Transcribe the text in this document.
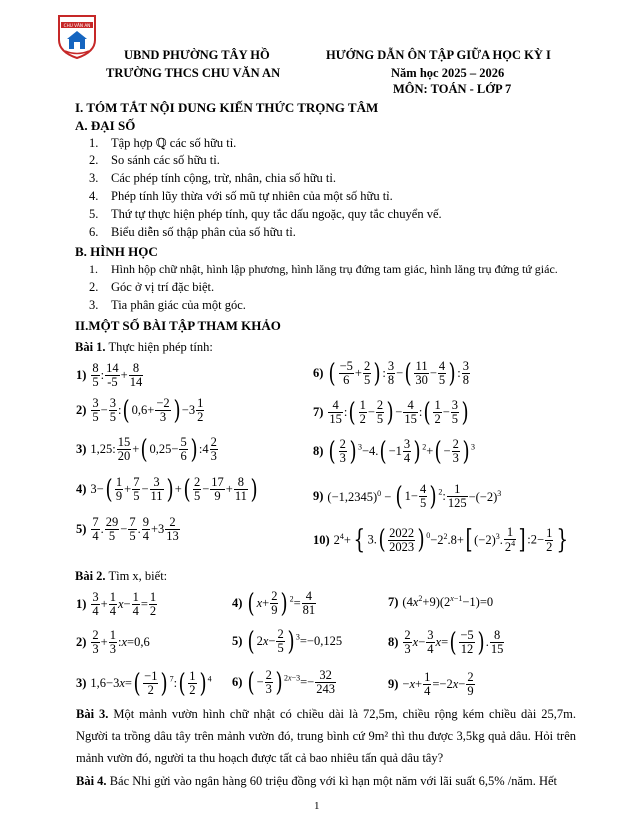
CHU VĂN AN
UBND PHƯỜNG TÂY HỒ
TRƯỜNG THCS CHU VĂN AN
HƯỚNG DẪN ÔN TẬP GIỮA HỌC KỲ I
Năm học 2025 – 2026
MÔN: TOÁN - LỚP 7
I. TÓM TẮT NỘI DUNG KIẾN THỨC TRỌNG TÂM
A. ĐẠI SỐ
1. Tập hợp ℚ các số hữu tỉ.
2. So sánh các số hữu tỉ.
3. Các phép tính cộng, trừ, nhân, chia số hữu tỉ.
4. Phép tính lũy thừa với số mũ tự nhiên của một số hữu tỉ.
5. Thứ tự thực hiện phép tính, quy tắc dấu ngoặc, quy tắc chuyển vế.
6. Biểu diễn số thập phân của số hữu tỉ.
B. HÌNH HỌC
1. Hình hộp chữ nhật, hình lập phương, hình lăng trụ đứng tam giác, hình lăng trụ đứng tứ giác.
2. Góc ở vị trí đặc biệt.
3. Tia phân giác của một góc.
II.MỘT SỐ BÀI TẬP THAM KHẢO
Bài 1. Thực hiện phép tính:
$1) \frac{8}{5}$ : $\frac{14}{-5} + \frac{8}{14}$
$2) \frac{3}{5} - \frac{3}{5}$ :( $0,6+ \frac{-2}{3}$ ) $-3 \frac{1}{2}$
3) 1,25: $\frac{15}{20}$ +( $0,25- \frac{5}{6}$ ) :4 $\frac{2}{3}$
4) $3-( \frac{1}{9} + \frac{7}{5} - \frac{3}{11}$ ) +( $\frac{2}{5} - \frac{17}{9} + \frac{8}{11}$ )
$5) \frac{7}{4}$ . $\frac{29}{5} - \frac{7}{5}$ . $\frac{9}{4} +3 \frac{2}{13}$
6) ( $\frac{-5}{6} + \frac{2}{5}$ ) : $\frac{3}{8}$ −( $\frac{11}{30} - \frac{4}{5}$ ) : $\frac{3}{8}$
$7) \frac{4}{15}$ :( $\frac{1}{2} - \frac{2}{5}$ ) − $\frac{4}{15}$ :( $\frac{1}{2} - \frac{3}{5}$ )
8) ( $\frac{2}{3}$ ) $^3-4.( -1 \frac{3}{4}$ ) $^2+( - \frac{2}{3}$ ) $^3$
9) $(-1,2345)^0$ − ( $1- \frac{4}{5}$ ) $^2$: $\frac{1}{125} -(-2)^3$
10) $2^4+${ $3.( \frac{2022}{2023}$ ) $^0-2^2.8+$[ $(-2)^3$. $\frac{1}{2^4}$ ] :2− $\frac{1}{2}$ }
Bài 2. Tìm x, biết:
$1) \frac{3}{4} + \frac{1}{4} x- \frac{1}{4} = \frac{1}{2}$	4) ( $x+ \frac{2}{9}$ ) $^2= \frac{4}{81}$	7) $(4x^2+9)(2^{x-1}-1)=0$
$2) \frac{2}{3} + \frac{1}{3}$ :x=0,6	5) ( $2x- \frac{2}{5}$ ) $^3$=−0,125	$8) \frac{2}{3} x- \frac{3}{4} x=( \frac{-5}{12}$ ) . $\frac{8}{15}$
3) $1,6-3x=( \frac{-1}{2}$ ) $^7$:( $\frac{1}{2}$ ) $^4$ 6) ( − $\frac{2}{3}$ ) $^{2x-3}=- \frac{32}{243}$	$9) -x+ \frac{1}{4} =-2x- \frac{2}{9}$
Bài 3. Một mảnh vườn hình chữ nhật có chiều dài là 72,5m, chiều rộng kém chiều dài 25,7m. Người ta trồng dâu tây trên mảnh vườn đó, trung bình cứ 9m² thì thu được 3,5kg quả dâu. Hỏi trên mảnh vườn đó, người ta thu hoạch được tất cả bao nhiêu tấn quả dâu tây?
Bài 4. Bác Nhi gửi vào ngân hàng 60 triệu đồng với kì hạn một năm với lãi suất 6,5% /năm. Hết
1
